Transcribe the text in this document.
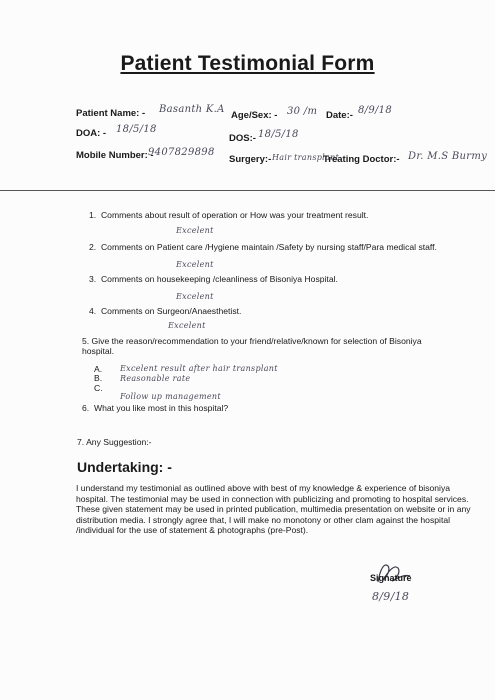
Patient Testimonial Form
Patient Name: - Basanth K.A
Age/Sex: - 30 /m Date:- 8/9/18
DOA: - 18/5/18
DOS:- 18/5/18
Mobile Number: -
9407829898
Surgery:- Hair transplant
Treating Doctor:- Dr. M.S Burmy
1. Comments about result of operation or How was your treatment result.
Excelent
2. Comments on Patient care /Hygiene maintain /Safety by nursing staff/Para medical staff.
Excelent
3. Comments on housekeeping /cleanliness of Bisoniya Hospital.
Excelent
4. Comments on Surgeon/Anaesthetist.
Excelent
5. Give the reason/recommendation to your friend/relative/known for selection of Bisoniya
hospital.
A. Excelent result after hair transplant
B. Reasonable rate
C.
Follow up management
6. What you like most in this hospital?
7. Any Suggestion:-
Undertaking: -
I understand my testimonial as outlined above with best of my knowledge & experience of bisoniya hospital. The testimonial may be used in connection with publicizing and promoting to hospital services. These given statement may be used in printed publication, multimedia presentation on website or in any distribution media. I strongly agree that, I will make no monotony or other clam against the hospital /individual for the use of statement & photographs (pre-Post).
Signature
8/9/18
